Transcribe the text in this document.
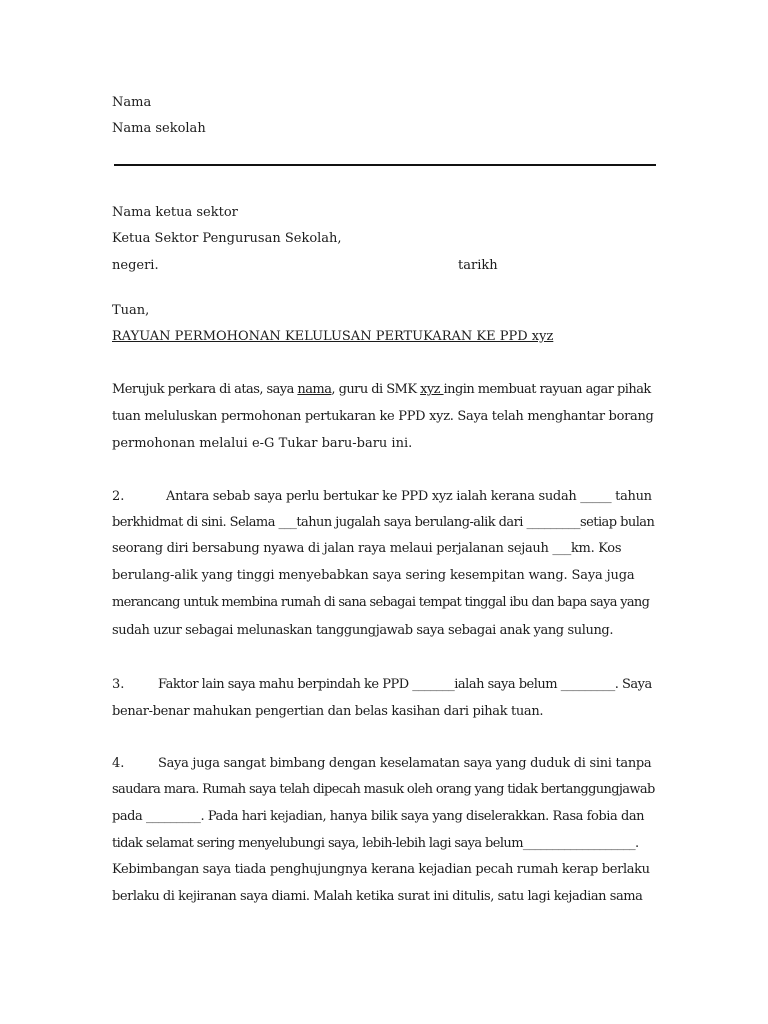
Nama
Nama sekolah
Nama ketua sektor
Ketua Sektor Pengurusan Sekolah,
negeri.	tarikh
Tuan,
RAYUAN PERMOHONAN KELULUSAN PERTUKARAN KE PPD xyz
Merujuk perkara di atas, saya nama, guru di SMK xyz ingin membuat rayuan agar pihak
tuan meluluskan permohonan pertukaran ke PPD xyz. Saya telah menghantar borang
permohonan melalui e-G Tukar baru-baru ini.
2.	Antara sebab saya perlu bertukar ke PPD xyz ialah kerana sudah _____ tahun
berkhidmat di sini. Selama ___tahun jugalah saya berulang-alik dari _________setiap bulan
seorang diri bersabung nyawa di jalan raya melaui perjalanan sejauh ___km. Kos
berulang-alik yang tinggi menyebabkan saya sering kesempitan wang. Saya juga
merancang untuk membina rumah di sana sebagai tempat tinggal ibu dan bapa saya yang
sudah uzur sebagai melunaskan tanggungjawab saya sebagai anak yang sulung.
3.	Faktor lain saya mahu berpindah ke PPD _______ialah saya belum _________. Saya
benar-benar mahukan pengertian dan belas kasihan dari pihak tuan.
4.	Saya juga sangat bimbang dengan keselamatan saya yang duduk di sini tanpa
saudara mara. Rumah saya telah dipecah masuk oleh orang yang tidak bertanggungjawab
pada _________. Pada hari kejadian, hanya bilik saya yang diselerakkan. Rasa fobia dan
tidak selamat sering menyelubungi saya, lebih-lebih lagi saya belum___________________.
Kebimbangan saya tiada penghujungnya kerana kejadian pecah rumah kerap berlaku
berlaku di kejiranan saya diami. Malah ketika surat ini ditulis, satu lagi kejadian sama
